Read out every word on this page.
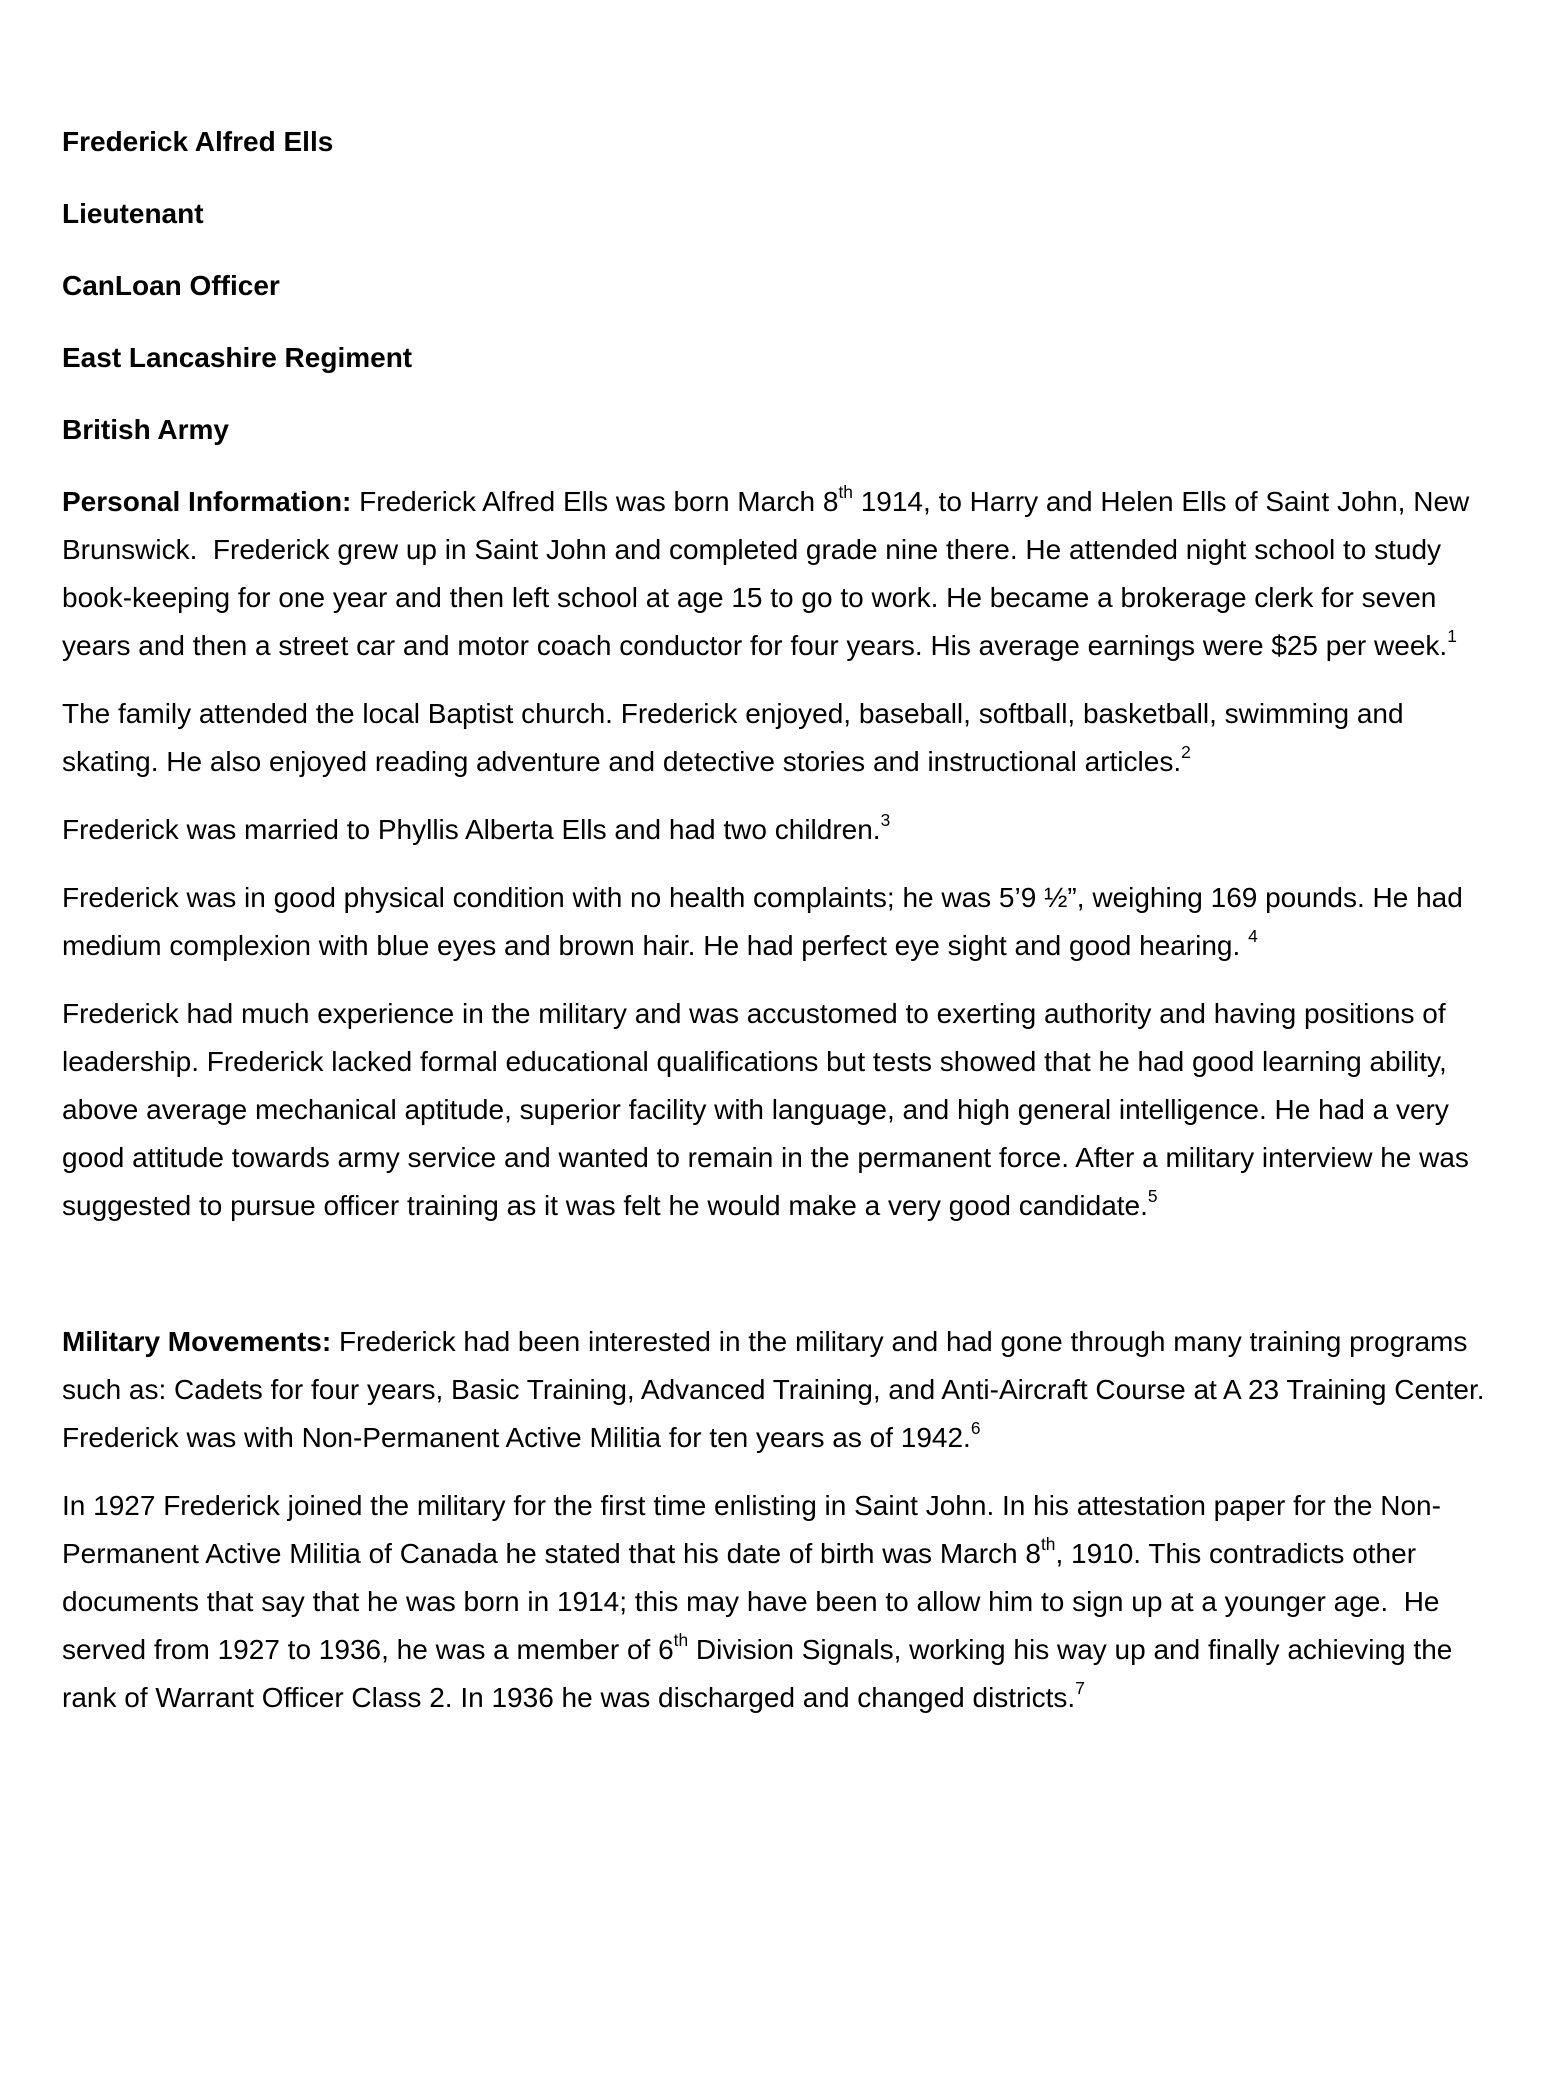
Frederick Alfred Ells

Lieutenant

CanLoan Officer

East Lancashire Regiment

British Army

Personal Information: Frederick Alfred Ells was born March 8th 1914, to Harry and Helen Ells of Saint John, New Brunswick.  Frederick grew up in Saint John and completed grade nine there. He attended night school to study book-keeping for one year and then left school at age 15 to go to work. He became a brokerage clerk for seven years and then a street car and motor coach conductor for four years. His average earnings were $25 per week.$^1$

The family attended the local Baptist church. Frederick enjoyed, baseball, softball, basketball, swimming and skating. He also enjoyed reading adventure and detective stories and instructional articles.$^2$

Frederick was married to Phyllis Alberta Ells and had two children.$^3$

Frederick was in good physical condition with no health complaints; he was 5’9 ½”, weighing 169 pounds. He had medium complexion with blue eyes and brown hair. He had perfect eye sight and good hearing. $^4$

Frederick had much experience in the military and was accustomed to exerting authority and having positions of leadership. Frederick lacked formal educational qualifications but tests showed that he had good learning ability, above average mechanical aptitude, superior facility with language, and high general intelligence. He had a very good attitude towards army service and wanted to remain in the permanent force. After a military interview he was suggested to pursue officer training as it was felt he would make a very good candidate.$^5$

Military Movements: Frederick had been interested in the military and had gone through many training programs such as: Cadets for four years, Basic Training, Advanced Training, and Anti-Aircraft Course at A 23 Training Center. Frederick was with Non-Permanent Active Militia for ten years as of 1942.$^6$

In 1927 Frederick joined the military for the first time enlisting in Saint John. In his attestation paper for the Non-Permanent Active Militia of Canada he stated that his date of birth was March 8th, 1910. This contradicts other documents that say that he was born in 1914; this may have been to allow him to sign up at a younger age.  He served from 1927 to 1936, he was a member of 6th Division Signals, working his way up and finally achieving the rank of Warrant Officer Class 2. In 1936 he was discharged and changed districts.$^7$
